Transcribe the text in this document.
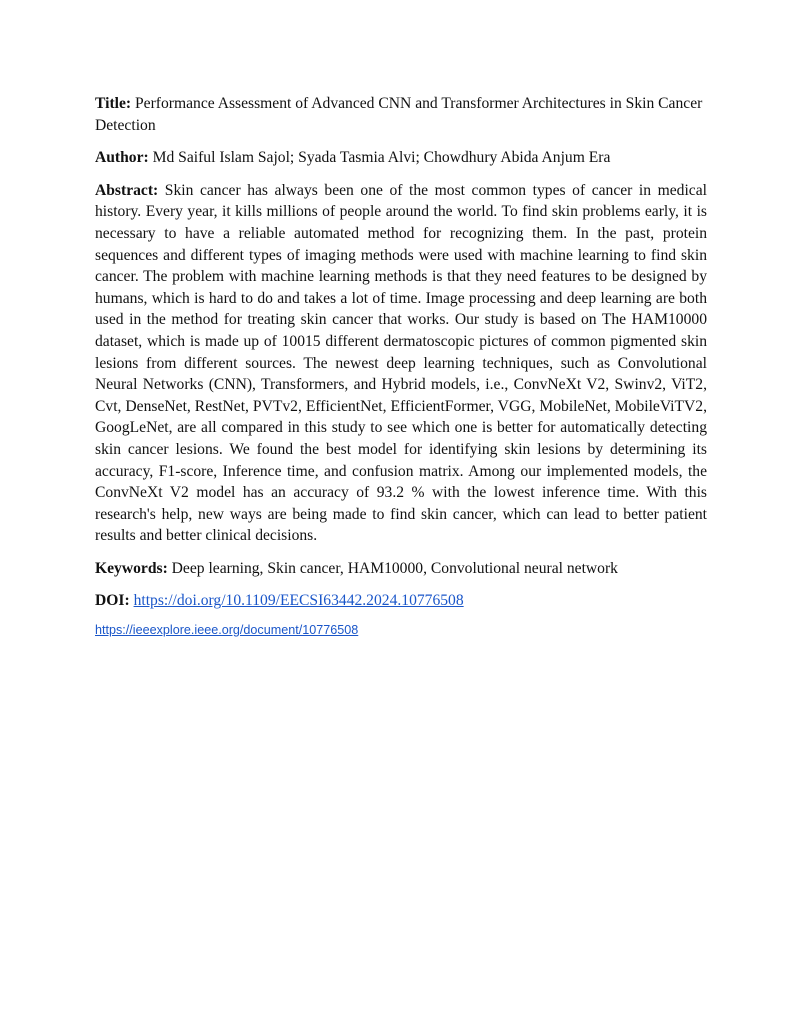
Title: Performance Assessment of Advanced CNN and Transformer Architectures in Skin Cancer Detection

Author: Md Saiful Islam Sajol; Syada Tasmia Alvi; Chowdhury Abida Anjum Era

Abstract: Skin cancer has always been one of the most common types of cancer in medical history. Every year, it kills millions of people around the world. To find skin problems early, it is necessary to have a reliable automated method for recognizing them. In the past, protein sequences and different types of imaging methods were used with machine learning to find skin cancer. The problem with machine learning methods is that they need features to be designed by humans, which is hard to do and takes a lot of time. Image processing and deep learning are both used in the method for treating skin cancer that works. Our study is based on The HAM10000 dataset, which is made up of 10015 different dermatoscopic pictures of common pigmented skin lesions from different sources. The newest deep learning techniques, such as Convolutional Neural Networks (CNN), Transformers, and Hybrid models, i.e., ConvNeXt V2, Swinv2, ViT2, Cvt, DenseNet, RestNet, PVTv2, EfficientNet, EfficientFormer, VGG, MobileNet, MobileViTV2, GoogLeNet, are all compared in this study to see which one is better for automatically detecting skin cancer lesions. We found the best model for identifying skin lesions by determining its accuracy, F1-score, Inference time, and confusion matrix. Among our implemented models, the ConvNeXt V2 model has an accuracy of 93.2 % with the lowest inference time. With this research's help, new ways are being made to find skin cancer, which can lead to better patient results and better clinical decisions.

Keywords: Deep learning, Skin cancer, HAM10000, Convolutional neural network

DOI: https://doi.org/10.1109/EECSI63442.2024.10776508

https://ieeexplore.ieee.org/document/10776508
